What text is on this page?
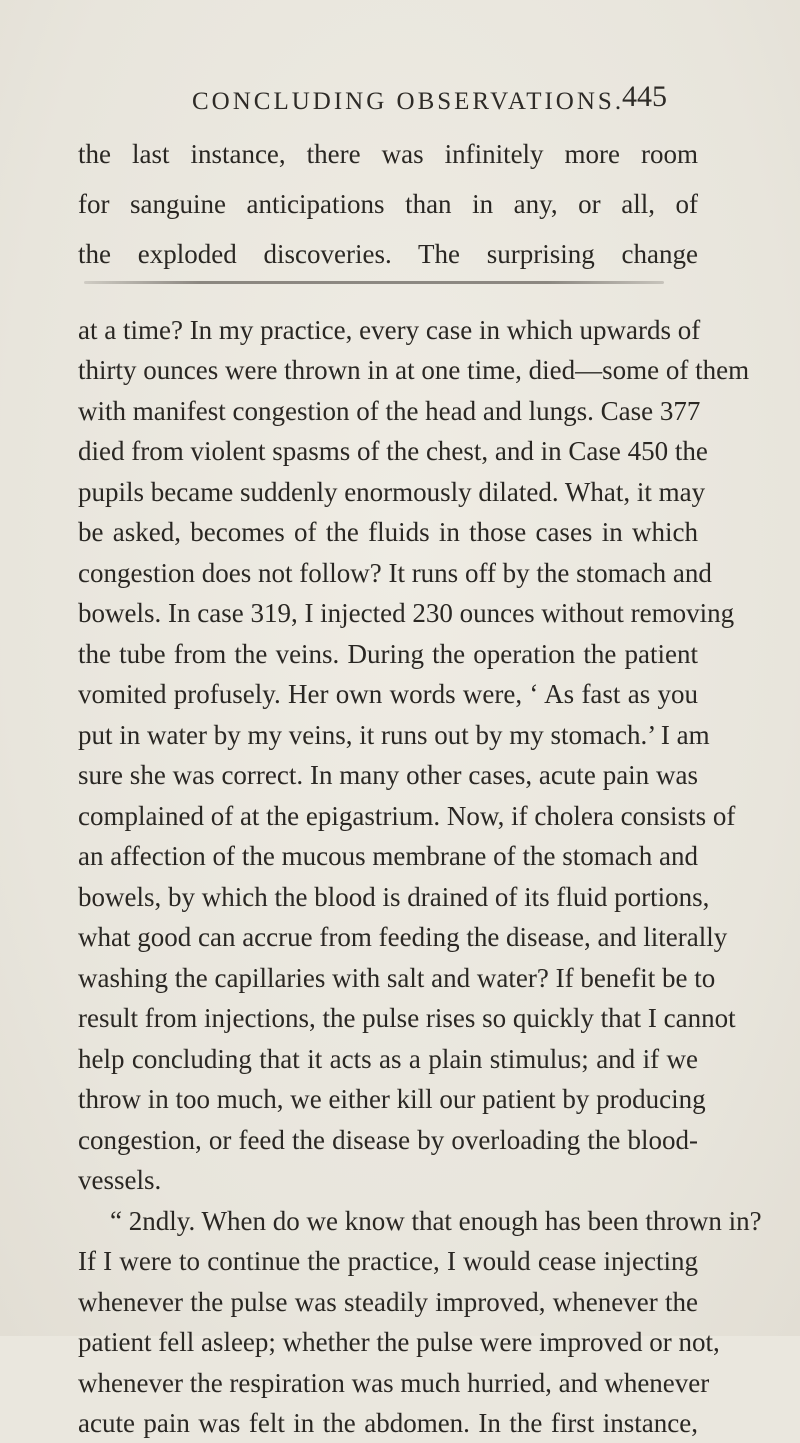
CONCLUDING OBSERVATIONS.
445
the last instance, there was infinitely more room
for sanguine anticipations than in any, or all, of
the exploded discoveries. The surprising change
at a time? In my practice, every case in which upwards of
thirty ounces were thrown in at one time, died—some of them
with manifest congestion of the head and lungs. Case 377
died from violent spasms of the chest, and in Case 450 the
pupils became suddenly enormously dilated. What, it may
be asked, becomes of the fluids in those cases in which
congestion does not follow? It runs off by the stomach and
bowels. In case 319, I injected 230 ounces without removing
the tube from the veins. During the operation the patient
vomited profusely. Her own words were, ‘ As fast as you
put in water by my veins, it runs out by my stomach.’ I am
sure she was correct. In many other cases, acute pain was
complained of at the epigastrium. Now, if cholera consists of
an affection of the mucous membrane of the stomach and
bowels, by which the blood is drained of its fluid portions,
what good can accrue from feeding the disease, and literally
washing the capillaries with salt and water? If benefit be to
result from injections, the pulse rises so quickly that I cannot
help concluding that it acts as a plain stimulus; and if we
throw in too much, we either kill our patient by producing
congestion, or feed the disease by overloading the blood-
vessels.
“ 2ndly. When do we know that enough has been thrown in?
If I were to continue the practice, I would cease injecting
whenever the pulse was steadily improved, whenever the
patient fell asleep; whether the pulse were improved or not,
whenever the respiration was much hurried, and whenever
acute pain was felt in the abdomen. In the first instance,
